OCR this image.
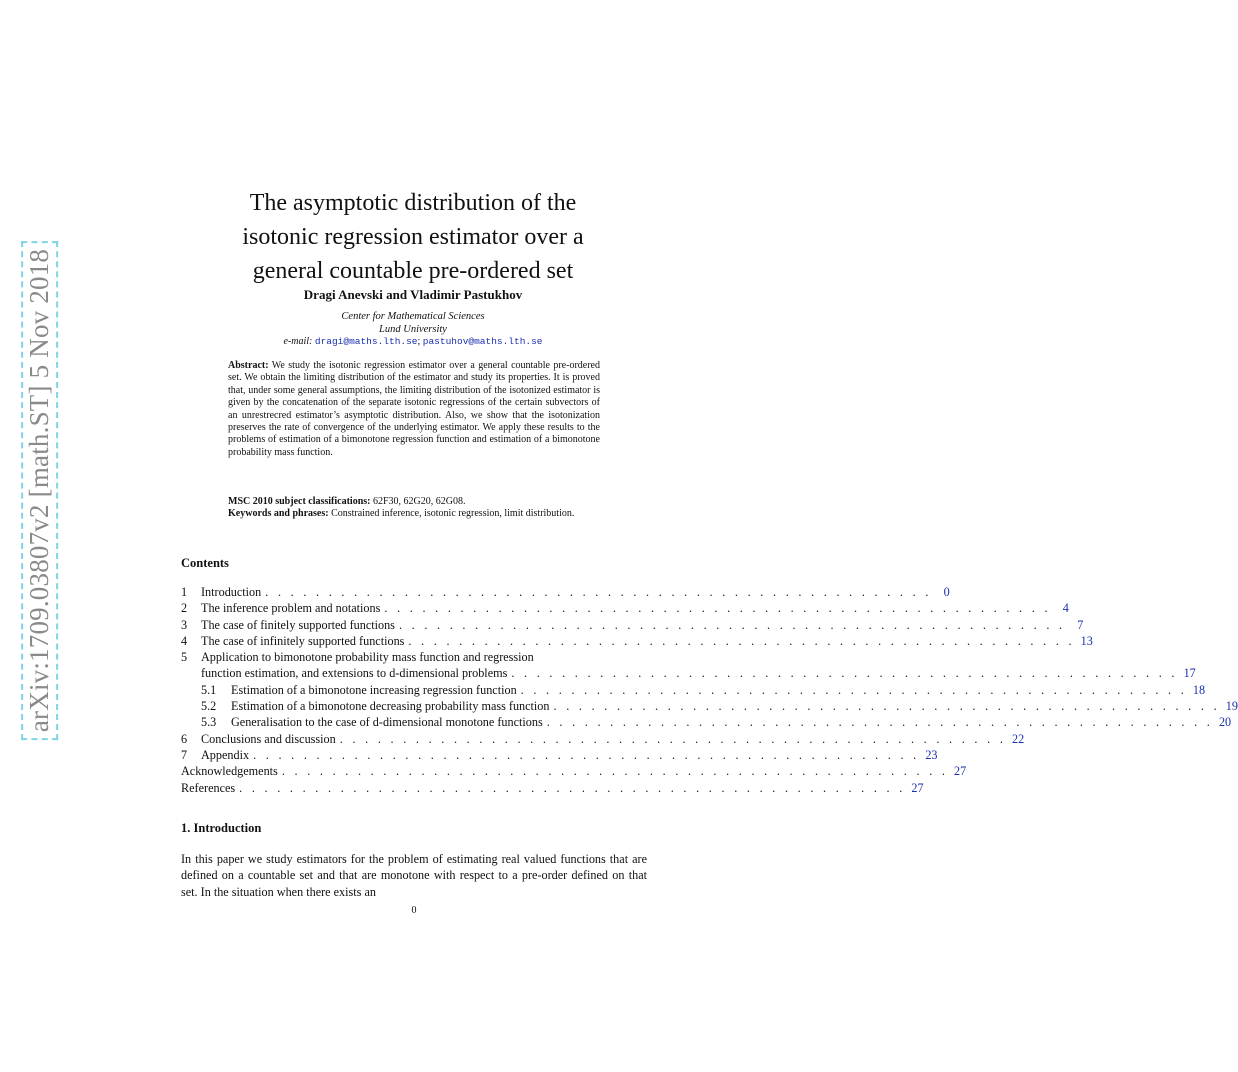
arXiv:1709.03807v2 [math.ST] 5 Nov 2018
The asymptotic distribution of the
isotonic regression estimator over a
general countable pre-ordered set
Dragi Anevski and Vladimir Pastukhov
Center for Mathematical Sciences
Lund University
e-mail: dragi@maths.lth.se; pastuhov@maths.lth.se
Abstract: We study the isotonic regression estimator over a general countable pre-ordered set. We obtain the limiting distribution of the estimator and study its properties. It is proved that, under some general assumptions, the limiting distribution of the isotonized estimator is given by the concatenation of the separate isotonic regressions of the certain subvectors of an unrestrecred estimator’s asymptotic distribution. Also, we show that the isotonization preserves the rate of convergence of the underlying estimator. We apply these results to the problems of estimation of a bimonotone regression function and estimation of a bimonotone probability mass function.
MSC 2010 subject classifications: 62F30, 62G20, 62G08.
Keywords and phrases: Constrained inference, isotonic regression, limit distribution.
Contents
1	Introduction . . . . . . . . . . . . . . . . . . . . . . . . . . . . . . . . . . . . . . . . . . . . . . . . . . . . . 0
2	The inference problem and notations . . . . . . . . . . . . . . . . . . . . . . . . . . . . . . . . . . . . . . . . . . . . . . . . . . . . . 4
3	The case of finitely supported functions . . . . . . . . . . . . . . . . . . . . . . . . . . . . . . . . . . . . . . . . . . . . . . . . . . . . . 7
4	The case of infinitely supported functions . . . . . . . . . . . . . . . . . . . . . . . . . . . . . . . . . . . . . . . . . . . . . . . . . . . . . 13
5	Application to bimonotone probability mass function and regression
function estimation, and extensions to d-dimensional problems . . . . . . . . . . . . . . . . . . . . . . . . . . . . . . . . . . . . . . . . . . . . . . . . . . . . . 17
5.1	Estimation of a bimonotone increasing regression function . . . . . . . . . . . . . . . . . . . . . . . . . . . . . . . . . . . . . . . . . . . . . . . . . . . . . 18
5.2	Estimation of a bimonotone decreasing probability mass function . . . . . . . . . . . . . . . . . . . . . . . . . . . . . . . . . . . . . . . . . . . . . . . . . . . . . 19
5.3	Generalisation to the case of d-dimensional monotone functions . . . . . . . . . . . . . . . . . . . . . . . . . . . . . . . . . . . . . . . . . . . . . . . . . . . . . 20
6	Conclusions and discussion . . . . . . . . . . . . . . . . . . . . . . . . . . . . . . . . . . . . . . . . . . . . . . . . . . . . . 22
7	Appendix . . . . . . . . . . . . . . . . . . . . . . . . . . . . . . . . . . . . . . . . . . . . . . . . . . . . . 23
Acknowledgements . . . . . . . . . . . . . . . . . . . . . . . . . . . . . . . . . . . . . . . . . . . . . . . . . . . . . 27
References . . . . . . . . . . . . . . . . . . . . . . . . . . . . . . . . . . . . . . . . . . . . . . . . . . . . . 27
1. Introduction
In this paper we study estimators for the problem of estimating real valued functions that are defined on a countable set and that are monotone with respect to a pre-order defined on that set. In the situation when there exists an
0
